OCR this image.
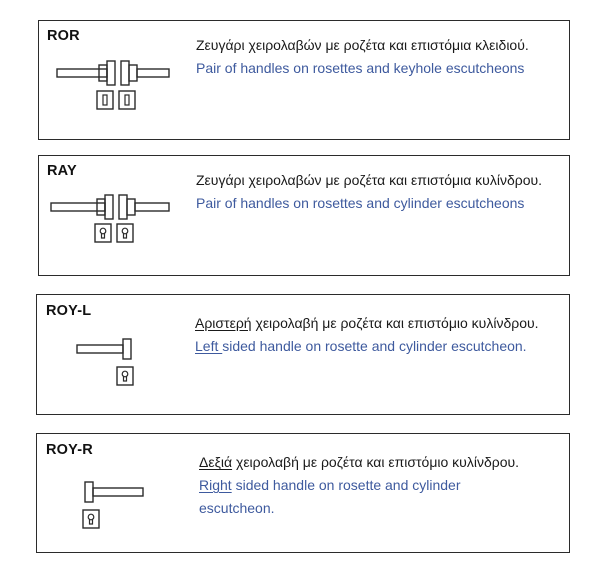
ROR
Ζευγάρι χειρολαβών με ροζέτα και επιστόμια κλειδιού.
Pair of handles on rosettes and keyhole escutcheons
RAY
Ζευγάρι χειρολαβών με ροζέτα και επιστόμια κυλίνδρου.
Pair of handles on rosettes and cylinder escutcheons
ROY-L
Αριστερή χειρολαβή με ροζέτα και επιστόμιο κυλίνδρου.
Left sided handle on rosette and cylinder escutcheon.
ROY-R
Δεξιά χειρολαβή με ροζέτα και επιστόμιο κυλίνδρου.
Right sided handle on rosette and cylinder escutcheon.
